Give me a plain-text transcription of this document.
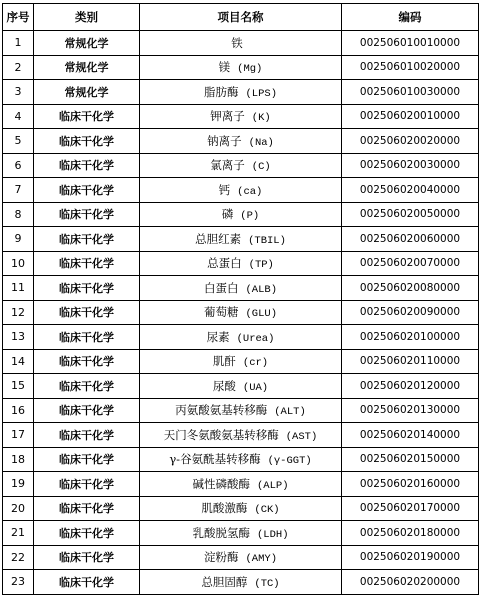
序号	类别	项目名称	编码
1	常规化学	铁	002506010010000
2	常规化学	镁 (Mg)	002506010020000
3	常规化学	脂肪酶 (LPS)	002506010030000
4	临床干化学	钾离子 (K)	002506020010000
5	临床干化学	钠离子 (Na)	002506020020000
6	临床干化学	氯离子 (C)	002506020030000
7	临床干化学	钙 (ca)	002506020040000
8	临床干化学	磷 (P)	002506020050000
9	临床干化学	总胆红素 (TBIL)	002506020060000
10	临床干化学	总蛋白 (TP)	002506020070000
11	临床干化学	白蛋白 (ALB)	002506020080000
12	临床干化学	葡萄糖 (GLU)	002506020090000
13	临床干化学	尿素 (Urea)	002506020100000
14	临床干化学	肌酐 (cr)	002506020110000
15	临床干化学	尿酸 (UA)	002506020120000
16	临床干化学	丙氨酸氨基转移酶 (ALT)	002506020130000
17	临床干化学	天门冬氨酸氨基转移酶 (AST)	002506020140000
18	临床干化学	γ-谷氨酰基转移酶 (γ-GGT)	002506020150000
19	临床干化学	碱性磷酸酶 (ALP)	002506020160000
20	临床干化学	肌酸激酶 (CK)	002506020170000
21	临床干化学	乳酸脱氢酶 (LDH)	002506020180000
22	临床干化学	淀粉酶 (AMY)	002506020190000
23	临床干化学	总胆固醇 (TC)	002506020200000
